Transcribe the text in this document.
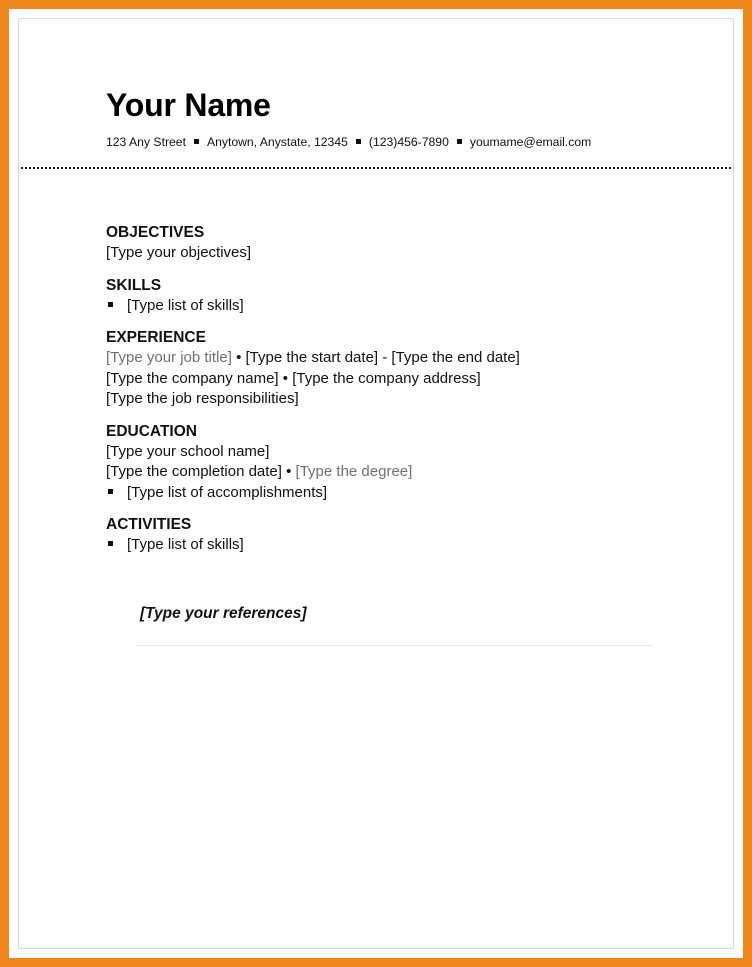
Your Name
123 Any Street Anytown, Anystate, 12345 (123)456-7890 youmame@email.com
OBJECTIVES
[Type your objectives]
SKILLS
[Type list of skills]
EXPERIENCE
[Type your job title] • [Type the start date] - [Type the end date]
[Type the company name] • [Type the company address]
[Type the job responsibilities]
EDUCATION
[Type your school name]
[Type the completion date] • [Type the degree]
[Type list of accomplishments]
ACTIVITIES
[Type list of skills]
[Type your references]
